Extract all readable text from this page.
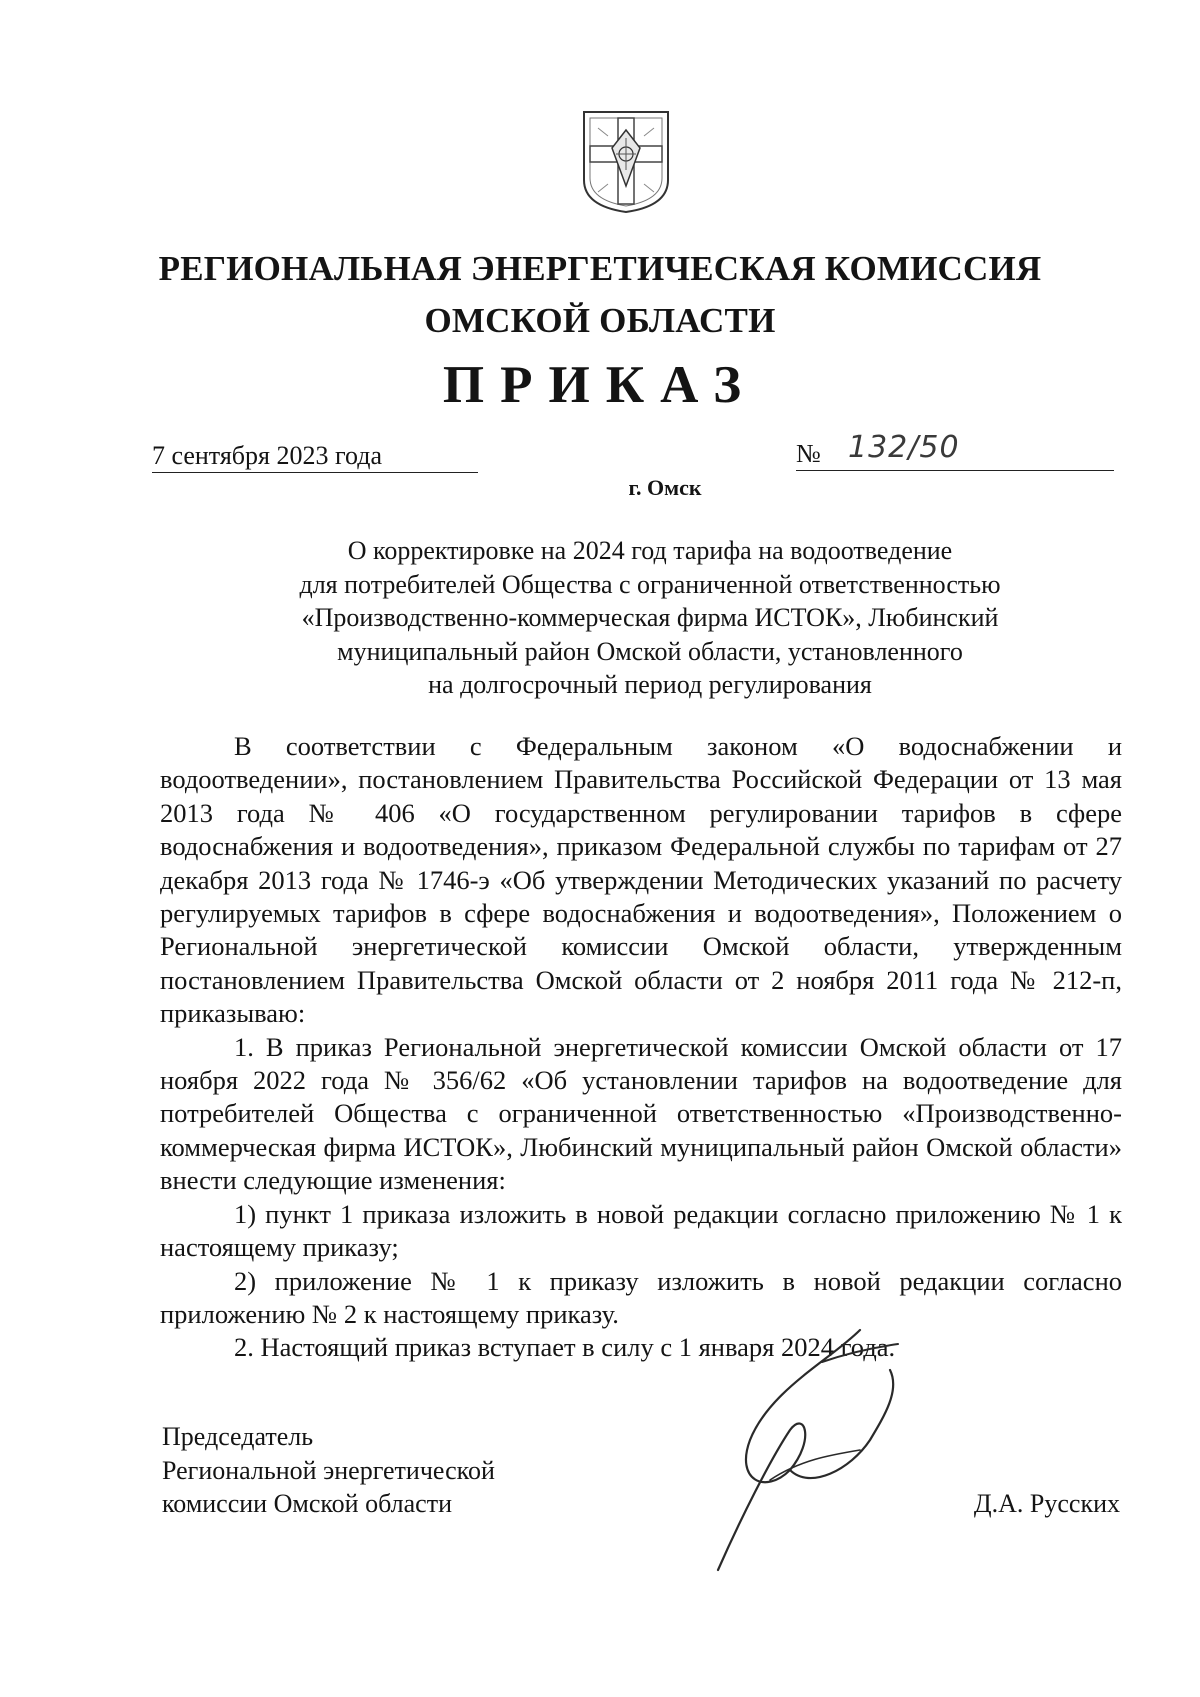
РЕГИОНАЛЬНАЯ ЭНЕРГЕТИЧЕСКАЯ КОМИССИЯ
ОМСКОЙ ОБЛАСТИ
ПРИКАЗ
7 сентября 2023 года	№ 132/50
г. Омск
О корректировке на 2024 год тарифа на водоотведение
для потребителей Общества с ограниченной ответственностью
«Производственно-коммерческая фирма ИСТОК», Любинский
муниципальный район Омской области, установленного
на долгосрочный период регулирования

В соответствии с Федеральным законом «О водоснабжении и водоотведении», постановлением Правительства Российской Федерации от 13 мая 2013 года № 406 «О государственном регулировании тарифов в сфере водоснабжения и водоотведения», приказом Федеральной службы по тарифам от 27 декабря 2013 года № 1746-э «Об утверждении Методических указаний по расчету регулируемых тарифов в сфере водоснабжения и водоотведения», Положением о Региональной энергетической комиссии Омской области, утвержденным постановлением Правительства Омской области от 2 ноября 2011 года № 212-п, приказываю:

1. В приказ Региональной энергетической комиссии Омской области от 17 ноября 2022 года № 356/62 «Об установлении тарифов на водоотведение для потребителей Общества с ограниченной ответственностью «Производственно-коммерческая фирма ИСТОК», Любинский муниципальный район Омской области» внести следующие изменения:

1) пункт 1 приказа изложить в новой редакции согласно приложению № 1 к настоящему приказу;

2) приложение № 1 к приказу изложить в новой редакции согласно приложению № 2 к настоящему приказу.

2. Настоящий приказ вступает в силу с 1 января 2024 года.

Председатель
Региональной энергетической
комиссии Омской области	Д.А. Русских
